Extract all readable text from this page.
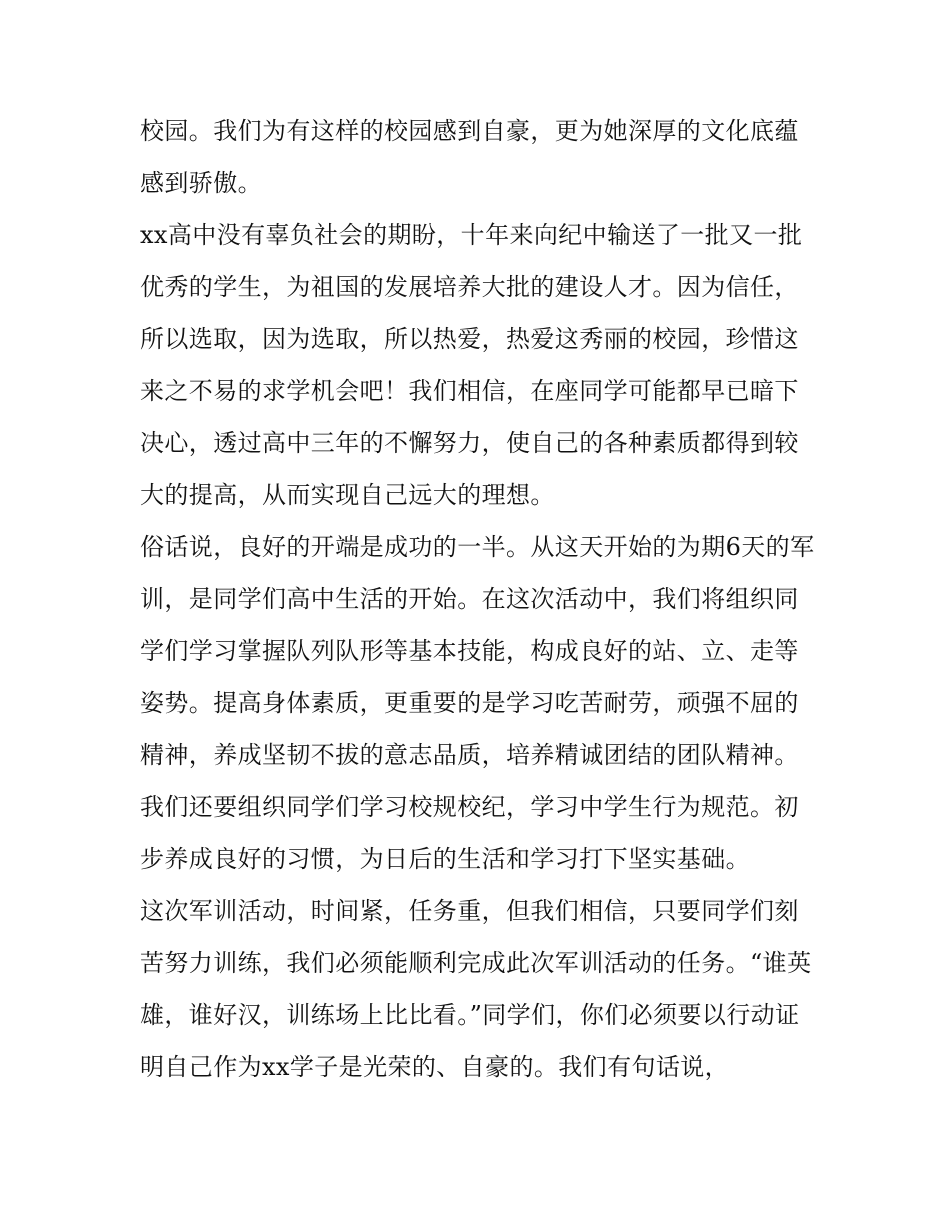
校园。我们为有这样的校园感到自豪，更为她深厚的文化底蕴感到骄傲。

xx高中没有辜负社会的期盼，十年来向纪中输送了一批又一批优秀的学生，为祖国的发展培养大批的建设人才。因为信任，所以选取，因为选取，所以热爱，热爱这秀丽的校园，珍惜这来之不易的求学机会吧！我们相信，在座同学可能都早已暗下决心，透过高中三年的不懈努力，使自己的各种素质都得到较大的提高，从而实现自己远大的理想。

俗话说，良好的开端是成功的一半。从这天开始的为期6天的军训，是同学们高中生活的开始。在这次活动中，我们将组织同学们学习掌握队列队形等基本技能，构成良好的站、立、走等姿势。提高身体素质，更重要的是学习吃苦耐劳，顽强不屈的精神，养成坚韧不拔的意志品质，培养精诚团结的团队精神。我们还要组织同学们学习校规校纪，学习中学生行为规范。初步养成良好的习惯，为日后的生活和学习打下坚实基础。

这次军训活动，时间紧，任务重，但我们相信，只要同学们刻苦努力训练，我们必须能顺利完成此次军训活动的任务。“谁英雄，谁好汉，训练场上比比看。”同学们，你们必须要以行动证明自己作为xx学子是光荣的、自豪的。我们有句话说，
